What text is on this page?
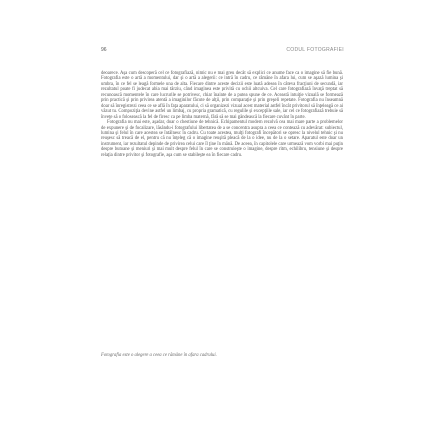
96	CODUL FOTOGRAFIEI

deoarece. Aşa cum descoperă cel ce fotografiază, nimic nu e mai greu decât să explici ce anume face ca o imagine să fie bună. Fotografia este o artă a momentului, dar şi o artă a alegerii: ce intră în cadru, ce rămâne în afara lui, cum se aşază lumina şi umbra, în ce fel se leagă formele una de alta. Fiecare dintre aceste decizii este luată adesea în câteva fracţiuni de secundă, iar rezultatul poate fi judecat abia mai târziu, când imaginea este privită cu ochii altcuiva. Cel care fotografiază învaţă treptat să recunoască momentele în care lucrurile se potrivesc, chiar înainte de a putea spune de ce. Această intuiţie vizuală se formează prin practică şi prin privirea atentă a imaginilor făcute de alţii, prin comparaţie şi prin greşeli repetate. Fotografia nu înseamnă doar să înregistrezi ceea ce se află în faţa aparatului, ci să organizezi vizual acest material astfel încât privitorul să înţeleagă ce ai văzut tu. Compoziţia devine astfel un limbaj, cu propria gramatică, cu regulile şi excepţiile sale, iar cel ce fotografiază trebuie să înveţe să o folosească la fel de firesc ca pe limba maternă, fără să se mai gândească la fiecare cuvânt în parte.

Fotografia nu mai este, aşadar, doar o chestiune de tehnică. Echipamentul modern rezolvă cea mai mare parte a problemelor de expunere şi de focalizare, lăsându-i fotografului libertatea de a se concentra asupra a ceea ce contează cu adevărat: subiectul, lumina şi felul în care acestea se întâlnesc în cadru. Cu toate acestea, mulţi fotografi începători se opresc la nivelul tehnic şi nu reuşesc să treacă de el, pentru că nu înţeleg că o imagine reuşită pleacă de la o idee, nu de la o setare. Aparatul este doar un instrument, iar rezultatul depinde de privirea celui care îl ţine în mână. De aceea, în capitolele care urmează vom vorbi mai puţin despre butoane şi meniuri şi mai mult despre felul în care se construieşte o imagine, despre ritm, echilibru, tensiune şi despre relaţia dintre privitor şi fotografie, aşa cum se stabileşte ea în fiecare cadru.

Fotografia este o alegere a ceea ce rămâne în afara cadrului.
